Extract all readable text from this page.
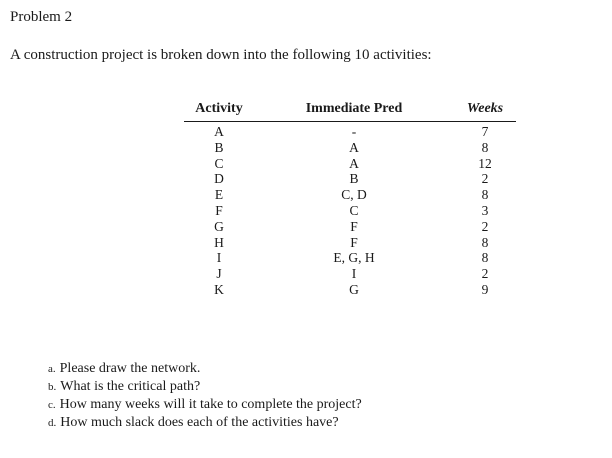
Problem 2

A construction project is broken down into the following 10 activities:

Activity	Immediate Pred	Weeks
A	-	7
B	A	8
C	A	12
D	B	2
E	C, D	8
F	C	3
G	F	2
H	F	8
I	E, G, H	8
J	I	2
K	G	9
a. Please draw the network.
b. What is the critical path?
c. How many weeks will it take to complete the project?
d. How much slack does each of the activities have?
